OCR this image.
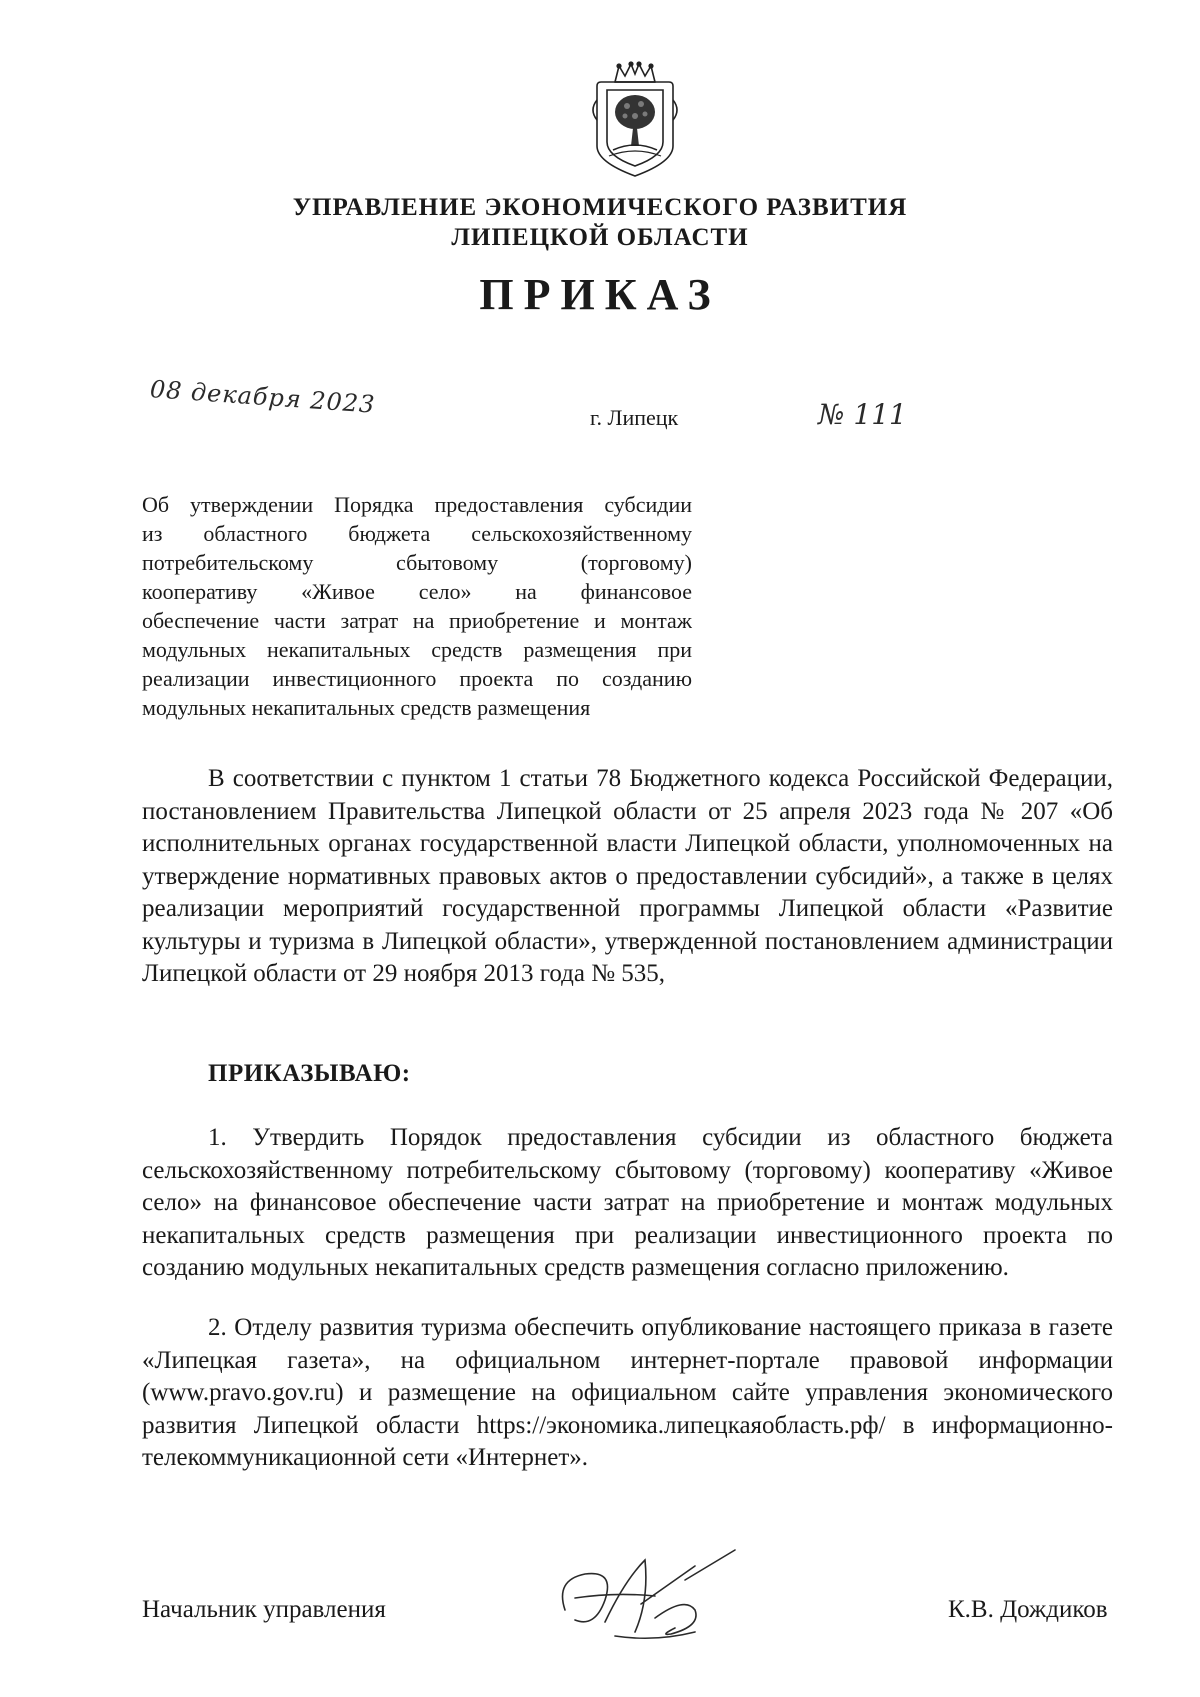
УПРАВЛЕНИЕ ЭКОНОМИЧЕСКОГО РАЗВИТИЯ
ЛИПЕЦКОЙ ОБЛАСТИ
ПРИКАЗ
08 декабря 2023	г. Липецк	№ 111

Об утверждении Порядка предоставления субсидии
из областного бюджета сельскохозяйственному
потребительскому сбытовому (торговому)
кооперативу «Живое село» на финансовое
обеспечение части затрат на приобретение и монтаж
модульных некапитальных средств размещения при
реализации инвестиционного проекта по созданию
модульных некапитальных средств размещения

В соответствии с пунктом 1 статьи 78 Бюджетного кодекса Российской Федерации, постановлением Правительства Липецкой области от 25 апреля 2023 года № 207 «Об исполнительных органах государственной власти Липецкой области, уполномоченных на утверждение нормативных правовых актов о предоставлении субсидий», а также в целях реализации мероприятий государственной программы Липецкой области «Развитие культуры и туризма в Липецкой области», утвержденной постановлением администрации Липецкой области от 29 ноября 2013 года № 535,

ПРИКАЗЫВАЮ:

1. Утвердить Порядок предоставления субсидии из областного бюджета сельскохозяйственному потребительскому сбытовому (торговому) кооперативу «Живое село» на финансовое обеспечение части затрат на приобретение и монтаж модульных некапитальных средств размещения при реализации инвестиционного проекта по созданию модульных некапитальных средств размещения согласно приложению.

2. Отделу развития туризма обеспечить опубликование настоящего приказа в газете «Липецкая газета», на официальном интернет-портале правовой информации (www.pravo.gov.ru) и размещение на официальном сайте управления экономического развития Липецкой области https://экономика.липецкаяобласть.рф/ в информационно-телекоммуникационной сети «Интернет».

Начальник управления	К.В. Дождиков
